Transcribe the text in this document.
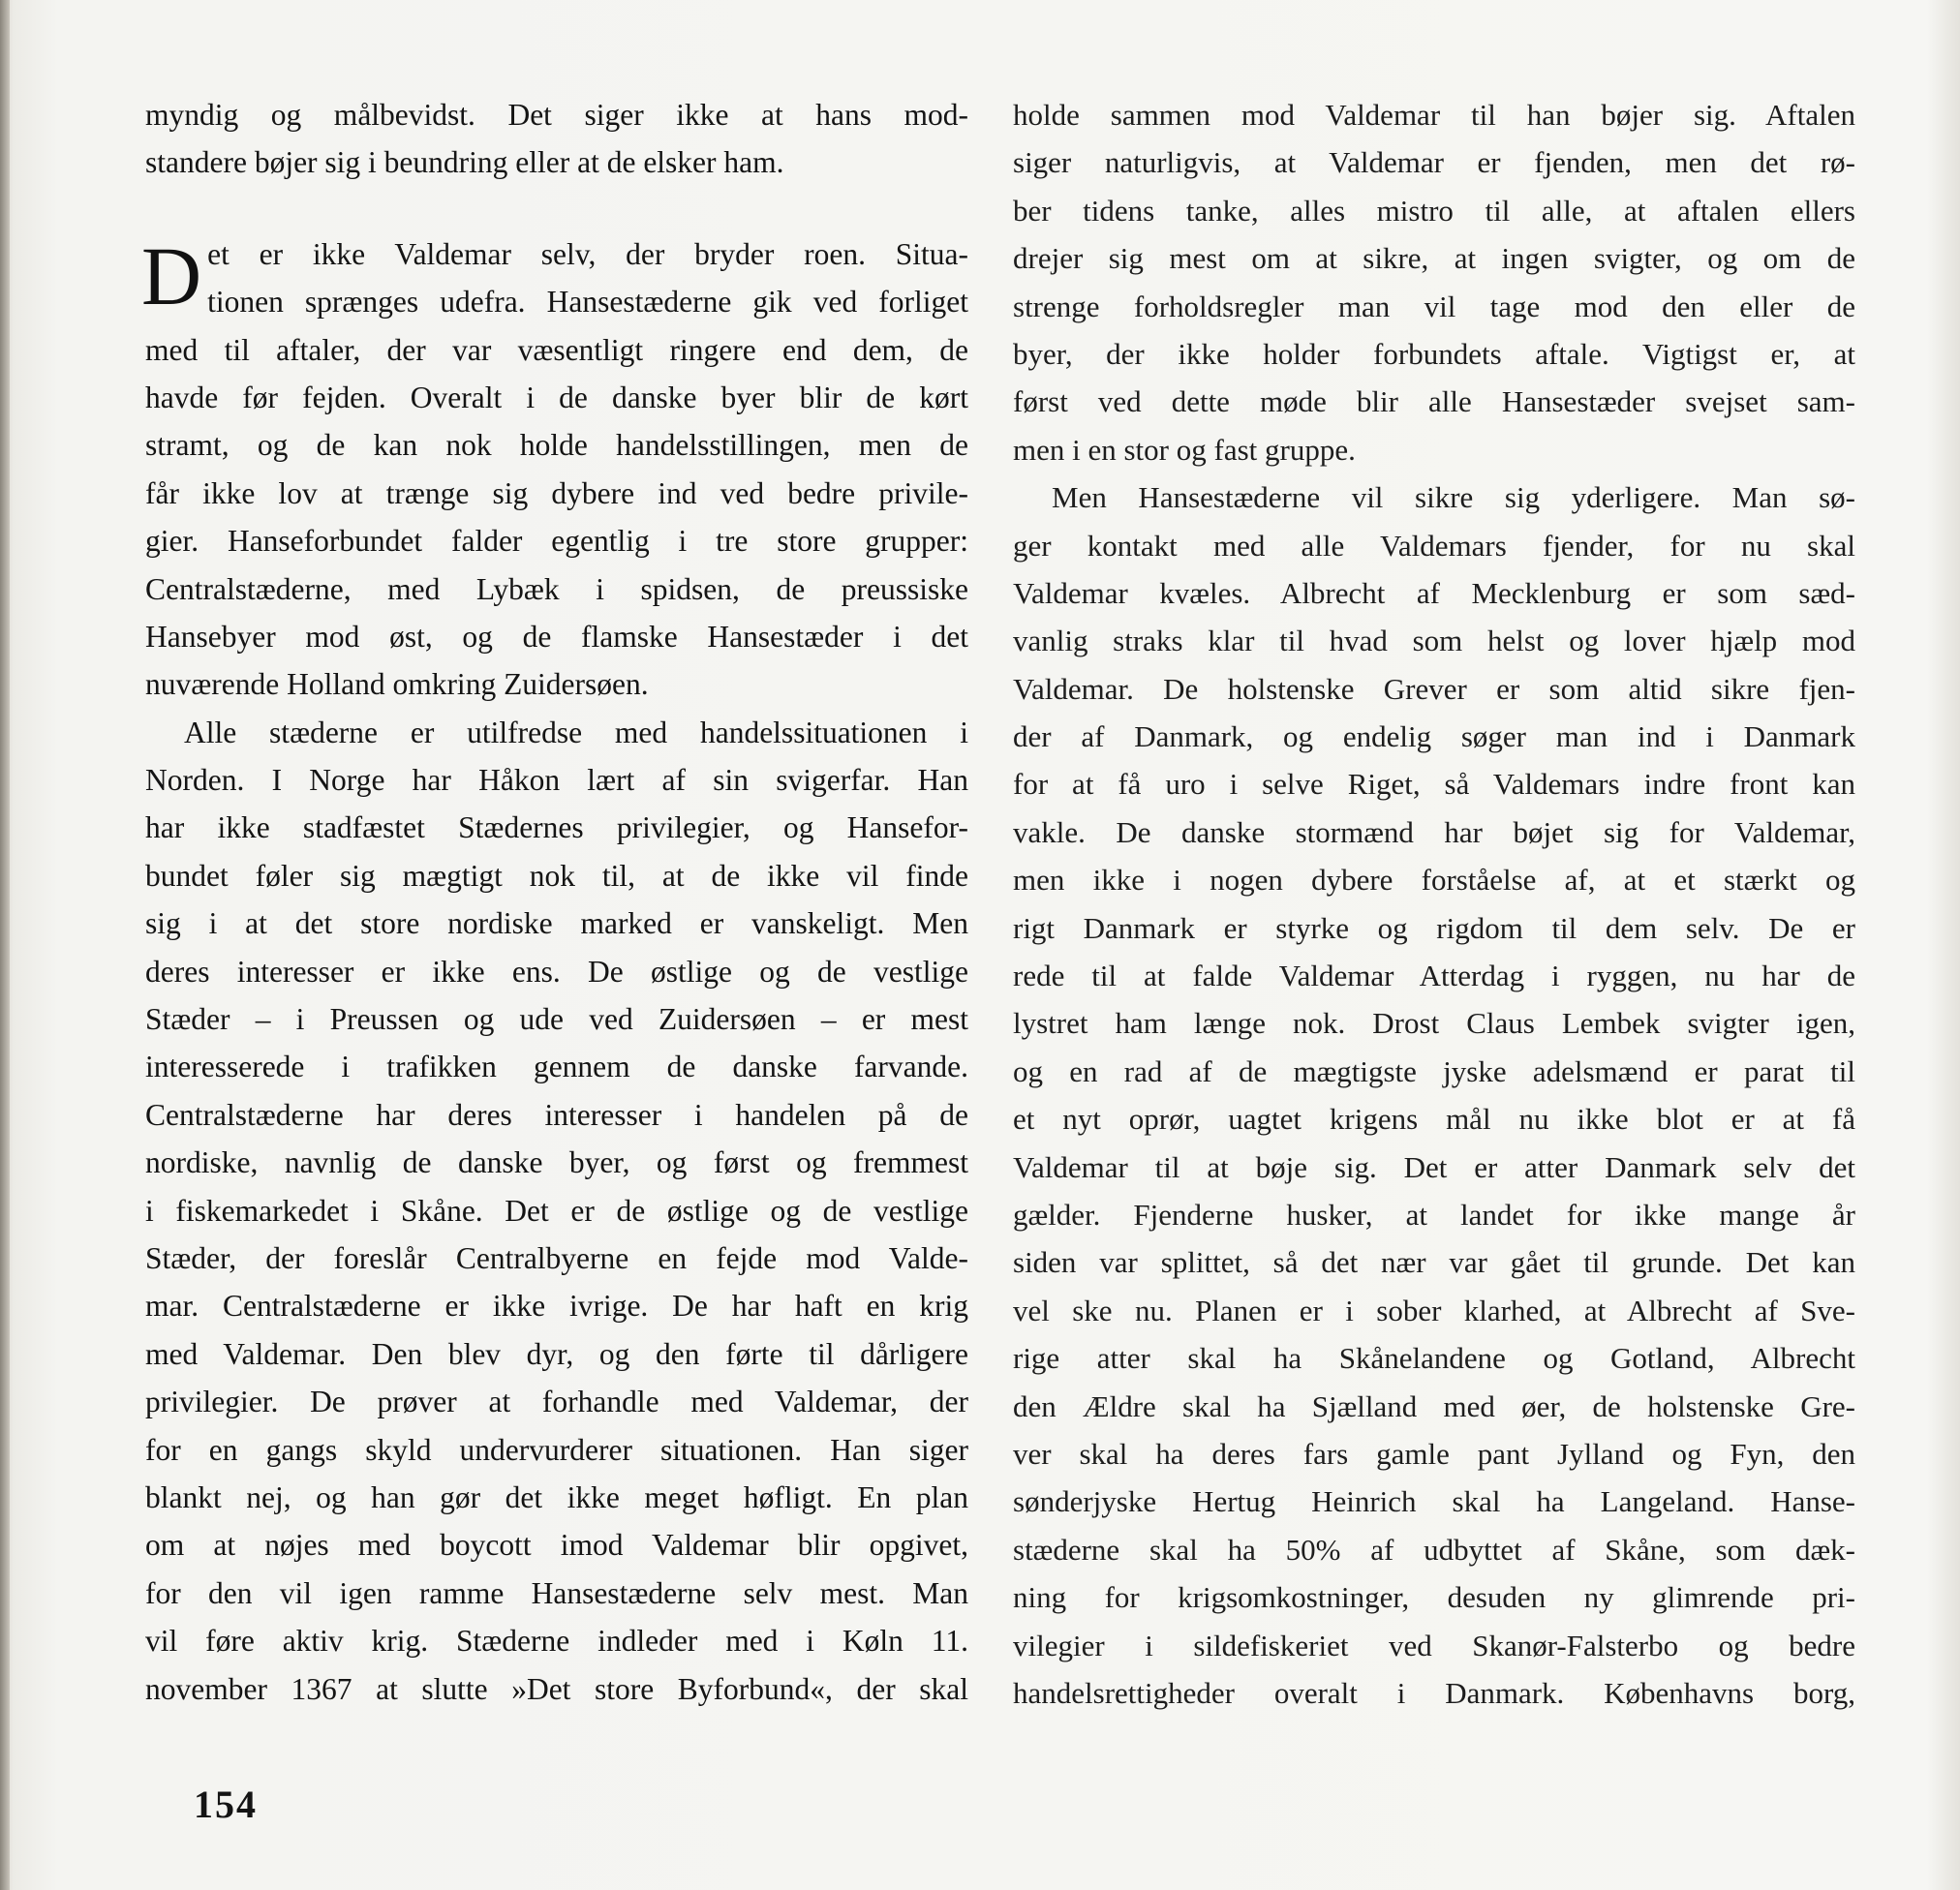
myndig og målbevidst. Det siger ikke at hans mod-
standere bøjer sig i beundring eller at de elsker ham.
D et er ikke Valdemar selv, der bryder roen. Situa-
tionen sprænges udefra. Hansestæderne gik ved forliget
med til aftaler, der var væsentligt ringere end dem, de
havde før fejden. Overalt i de danske byer blir de kørt
stramt, og de kan nok holde handelsstillingen, men de
får ikke lov at trænge sig dybere ind ved bedre privile-
gier. Hanseforbundet falder egentlig i tre store grupper:
Centralstæderne, med Lybæk i spidsen, de preussiske
Hansebyer mod øst, og de flamske Hansestæder i det
nuværende Holland omkring Zuidersøen.
Alle stæderne er utilfredse med handelssituationen i
Norden. I Norge har Håkon lært af sin svigerfar. Han
har ikke stadfæstet Stædernes privilegier, og Hansefor-
bundet føler sig mægtigt nok til, at de ikke vil finde
sig i at det store nordiske marked er vanskeligt. Men
deres interesser er ikke ens. De østlige og de vestlige
Stæder – i Preussen og ude ved Zuidersøen – er mest
interesserede i trafikken gennem de danske farvande.
Centralstæderne har deres interesser i handelen på de
nordiske, navnlig de danske byer, og først og fremmest
i fiskemarkedet i Skåne. Det er de østlige og de vestlige
Stæder, der foreslår Centralbyerne en fejde mod Valde-
mar. Centralstæderne er ikke ivrige. De har haft en krig
med Valdemar. Den blev dyr, og den førte til dårligere
privilegier. De prøver at forhandle med Valdemar, der
for en gangs skyld undervurderer situationen. Han siger
blankt nej, og han gør det ikke meget høfligt. En plan
om at nøjes med boycott imod Valdemar blir opgivet,
for den vil igen ramme Hansestæderne selv mest. Man
vil føre aktiv krig. Stæderne indleder med i Køln 11.
november 1367 at slutte »Det store Byforbund«, der skal
holde sammen mod Valdemar til han bøjer sig. Aftalen
siger naturligvis, at Valdemar er fjenden, men det rø-
ber tidens tanke, alles mistro til alle, at aftalen ellers
drejer sig mest om at sikre, at ingen svigter, og om de
strenge forholdsregler man vil tage mod den eller de
byer, der ikke holder forbundets aftale. Vigtigst er, at
først ved dette møde blir alle Hansestæder svejset sam-
men i en stor og fast gruppe.
Men Hansestæderne vil sikre sig yderligere. Man sø-
ger kontakt med alle Valdemars fjender, for nu skal
Valdemar kvæles. Albrecht af Mecklenburg er som sæd-
vanlig straks klar til hvad som helst og lover hjælp mod
Valdemar. De holstenske Grever er som altid sikre fjen-
der af Danmark, og endelig søger man ind i Danmark
for at få uro i selve Riget, så Valdemars indre front kan
vakle. De danske stormænd har bøjet sig for Valdemar,
men ikke i nogen dybere forståelse af, at et stærkt og
rigt Danmark er styrke og rigdom til dem selv. De er
rede til at falde Valdemar Atterdag i ryggen, nu har de
lystret ham længe nok. Drost Claus Lembek svigter igen,
og en rad af de mægtigste jyske adelsmænd er parat til
et nyt oprør, uagtet krigens mål nu ikke blot er at få
Valdemar til at bøje sig. Det er atter Danmark selv det
gælder. Fjenderne husker, at landet for ikke mange år
siden var splittet, så det nær var gået til grunde. Det kan
vel ske nu. Planen er i sober klarhed, at Albrecht af Sve-
rige atter skal ha Skånelandene og Gotland, Albrecht
den Ældre skal ha Sjælland med øer, de holstenske Gre-
ver skal ha deres fars gamle pant Jylland og Fyn, den
sønderjyske Hertug Heinrich skal ha Langeland. Hanse-
stæderne skal ha 50% af udbyttet af Skåne, som dæk-
ning for krigsomkostninger, desuden ny glimrende pri-
vilegier i sildefiskeriet ved Skanør-Falsterbo og bedre
handelsrettigheder overalt i Danmark. Københavns borg,
154
